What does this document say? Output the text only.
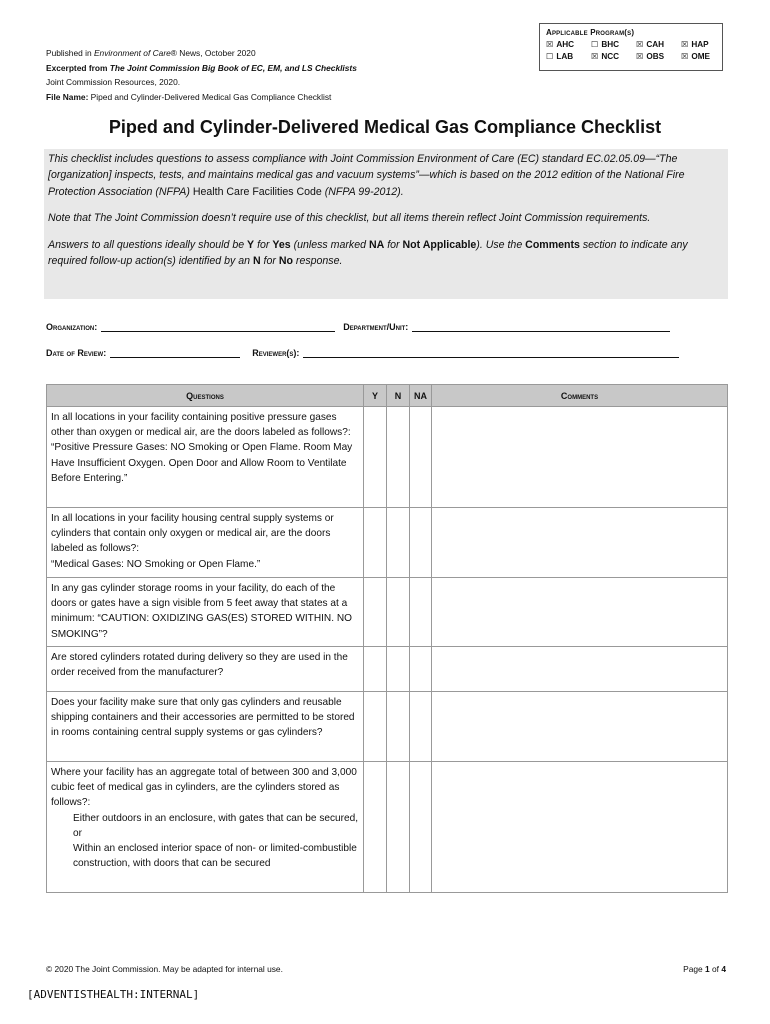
Published in Environment of Care® News, October 2020
Excerpted from The Joint Commission Big Book of EC, EM, and LS Checklists
Joint Commission Resources, 2020.
File Name: Piped and Cylinder-Delivered Medical Gas Compliance Checklist
Applicable Program(s)
☒ AHC	☐ BHC	☒ CAH	☒ HAP
☐ LAB	☒ NCC	☒ OBS	☒ OME
Piped and Cylinder-Delivered Medical Gas Compliance Checklist

This checklist includes questions to assess compliance with Joint Commission Environment of Care (EC) standard EC.02.05.09—“The [organization] inspects, tests, and maintains medical gas and vacuum systems”—which is based on the 2012 edition of the National Fire Protection Association (NFPA) Health Care Facilities Code (NFPA 99-2012).

Note that The Joint Commission doesn’t require use of this checklist, but all items therein reflect Joint Commission requirements.

Answers to all questions ideally should be Y for Yes (unless marked NA for Not Applicable). Use the Comments section to indicate any required follow-up action(s) identified by an N for No response.

Organization:	Department/Unit:
Date of Review:	Reviewer(s):
Questions	Y	N	NA	Comments

In all locations in your facility containing positive pressure gases other than oxygen or medical air, are the doors labeled as follows?:
“Positive Pressure Gases: NO Smoking or Open Flame. Room May Have Insufficient Oxygen. Open Door and Allow Room to Ventilate Before Entering.”				

In all locations in your facility housing central supply systems or cylinders that contain only oxygen or medical air, are the doors labeled as follows?:
“Medical Gases: NO Smoking or Open Flame.”				

In any gas cylinder storage rooms in your facility, do each of the doors or gates have a sign visible from 5 feet away that states at a minimum: “CAUTION: OXIDIZING GAS(ES) STORED WITHIN. NO SMOKING”?				
Are stored cylinders rotated during delivery so they are used in the order received from the manufacturer?				
Does your facility make sure that only gas cylinders and reusable shipping containers and their accessories are permitted to be stored in rooms containing central supply systems or gas cylinders?				

Where your facility has an aggregate total of between 300 and 3,000 cubic feet of medical gas in cylinders, are the cylinders stored as follows?:
Either outdoors in an enclosure, with gates that can be secured, or
Within an enclosed interior space of non- or limited-combustible construction, with doors that can be secured				

© 2020 The Joint Commission. May be adapted for internal use.	Page 1 of 4
[ADVENTISTHEALTH:INTERNAL]
